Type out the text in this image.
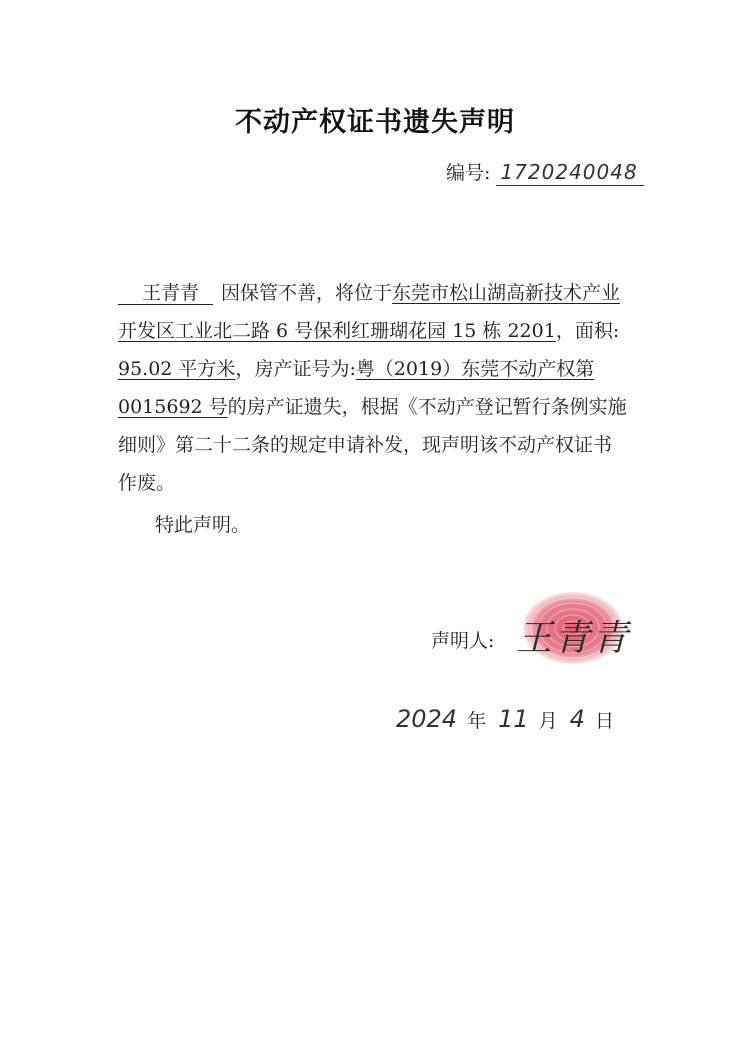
不动产权证书遗失声明
编号: 1720240048
王青青 因保管不善，将位于东莞市松山湖高新技术产业
开发区工业北二路 6 号保利红珊瑚花园 15 栋 2201，面积:
95.02 平方米，房产证号为:粤（2019）东莞不动产权第
0015692 号的房产证遗失，根据《不动产登记暂行条例实施
细则》第二十二条的规定申请补发，现声明该不动产权证书
作废。
特此声明。
声明人: 王青青
2024 年 11 月 4 日
